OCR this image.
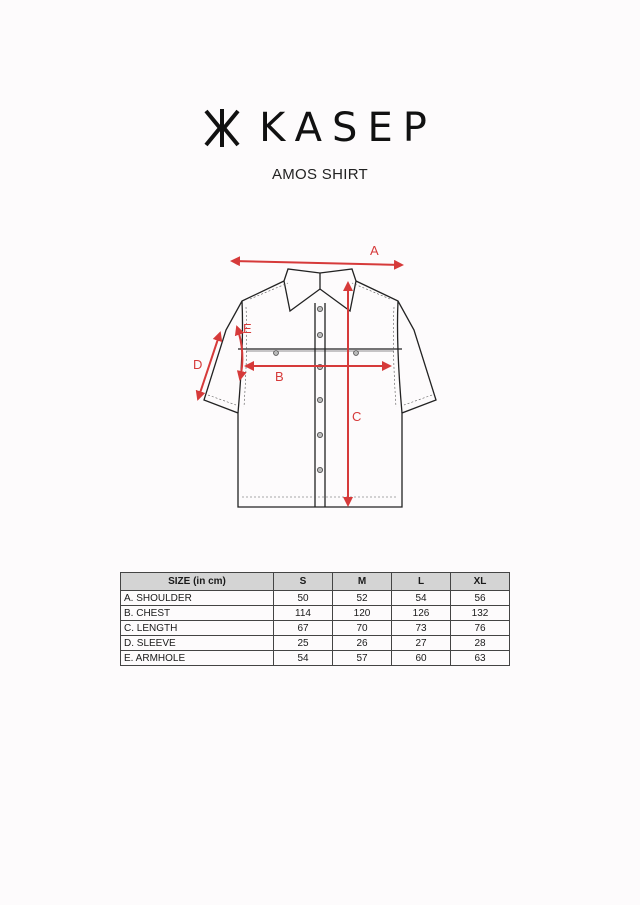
KASEP
AMOS SHIRT
A
B
C
D
E
SIZE (in cm)	S	M	L	XL
A. SHOULDER	50	52	54	56
B. CHEST	114	120	126	132
C. LENGTH	67	70	73	76
D. SLEEVE	25	26	27	28
E. ARMHOLE	54	57	60	63
